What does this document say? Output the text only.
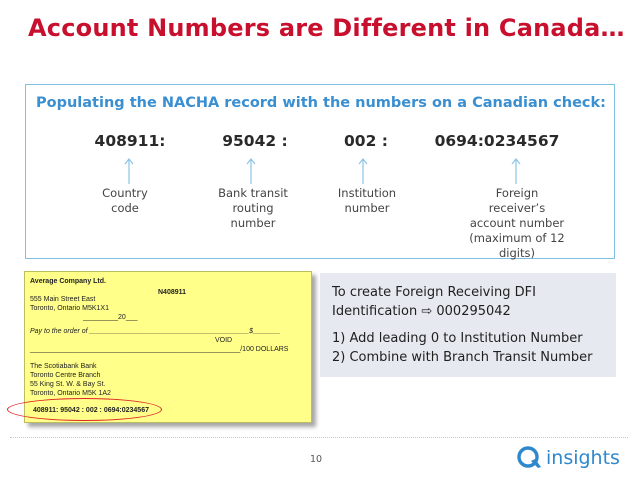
Account Numbers are Different in Canada…
Populating the NACHA record with the numbers on a Canadian check:
408911:	95042 :	002 :	0694:0234567
Country
code
Bank transit
routing
number
Institution
number
Foreign receiver’s
account number
(maximum of 12 digits)
Average Company Ltd.
N408911
555 Main Street East
Toronto, Ontario M5K1X1
_________20___
Pay to the order of _________________________________________$_______
VOID
______________________________________________________/100 DOLLARS
The Scotiabank Bank
Toronto Centre Branch
55 King St. W. & Bay St.
Toronto, Ontario M5K 1A2
408911: 95042 : 002 : 0694:0234567
To create Foreign Receiving DFI
Identification ⇨ 000295042
1) Add leading 0 to Institution Number
2) Combine with Branch Transit Number
10	insights
